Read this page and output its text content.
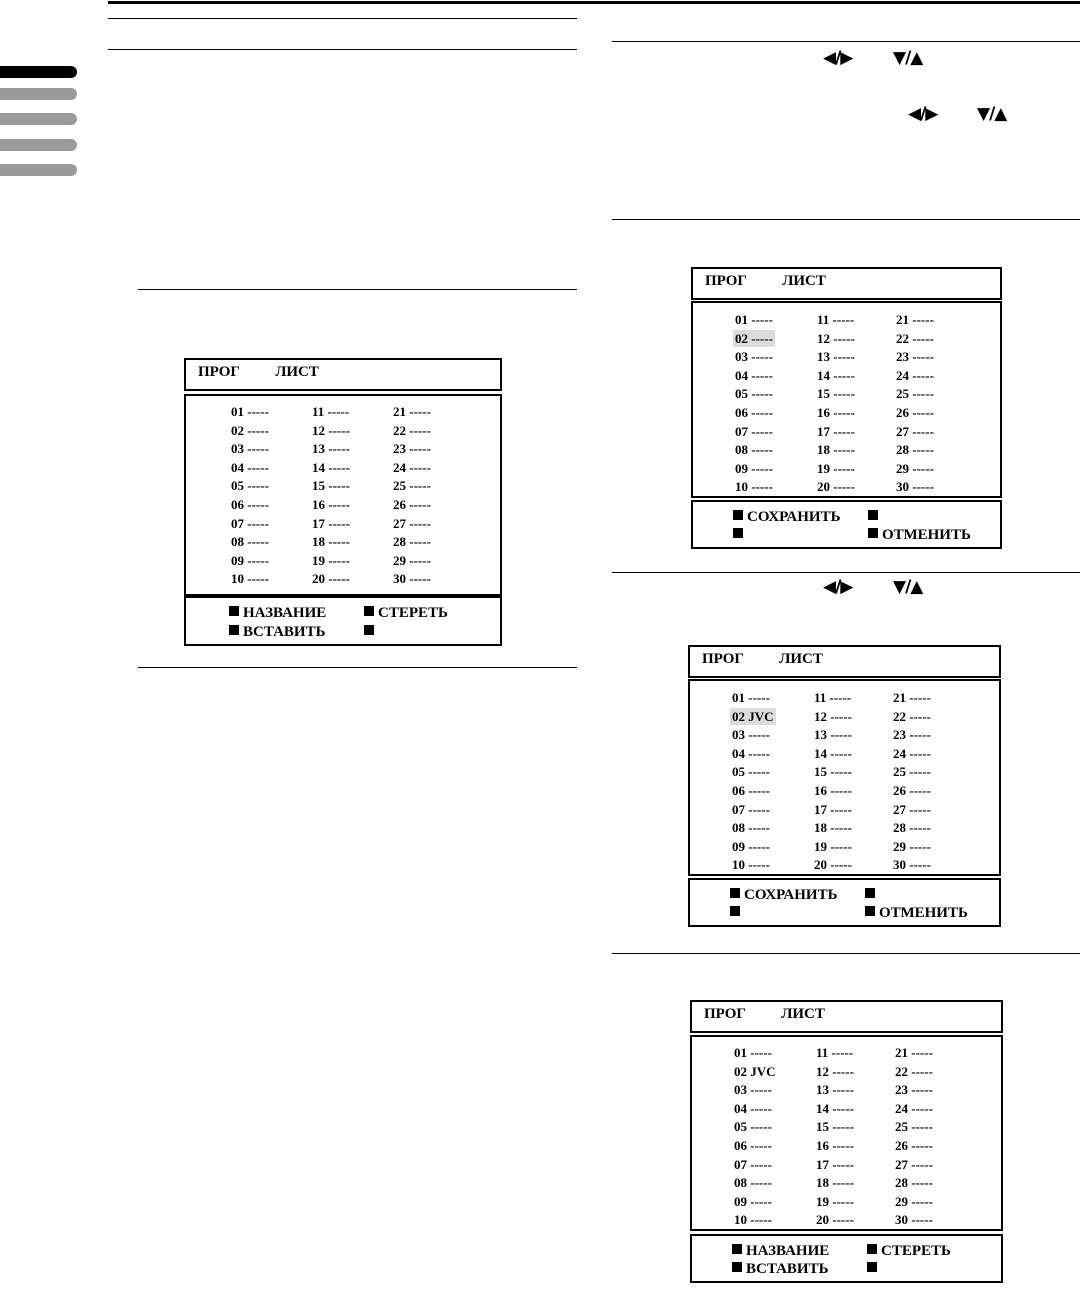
◀/▶ ▼/▲
◀/▶ ▼/▲
◀/▶ ▼/▲
ПРОГ   ЛИСТ
01 -----
02 -----
03 -----
04 -----
05 -----
06 -----
07 -----
08 -----
09 -----
10 -----
11 -----
12 -----
13 -----
14 -----
15 -----
16 -----
17 -----
18 -----
19 -----
20 -----
21 -----
22 -----
23 -----
24 -----
25 -----
26 -----
27 -----
28 -----
29 -----
30 -----
НАЗВАНИЕ	СТЕРЕТЬ
ВСТАВИТЬ
ПРОГ   ЛИСТ
01 -----
02 -----
03 -----
04 -----
05 -----
06 -----
07 -----
08 -----
09 -----
10 -----
11 -----
12 -----
13 -----
14 -----
15 -----
16 -----
17 -----
18 -----
19 -----
20 -----
21 -----
22 -----
23 -----
24 -----
25 -----
26 -----
27 -----
28 -----
29 -----
30 -----
СОХРАНИТЬ
ОТМЕНИТЬ
ПРОГ   ЛИСТ
01 -----
02 JVC
03 -----
04 -----
05 -----
06 -----
07 -----
08 -----
09 -----
10 -----
11 -----
12 -----
13 -----
14 -----
15 -----
16 -----
17 -----
18 -----
19 -----
20 -----
21 -----
22 -----
23 -----
24 -----
25 -----
26 -----
27 -----
28 -----
29 -----
30 -----
СОХРАНИТЬ
ОТМЕНИТЬ
ПРОГ   ЛИСТ
01 -----
02 JVC
03 -----
04 -----
05 -----
06 -----
07 -----
08 -----
09 -----
10 -----
11 -----
12 -----
13 -----
14 -----
15 -----
16 -----
17 -----
18 -----
19 -----
20 -----
21 -----
22 -----
23 -----
24 -----
25 -----
26 -----
27 -----
28 -----
29 -----
30 -----
НАЗВАНИЕ	СТЕРЕТЬ
ВСТАВИТЬ
